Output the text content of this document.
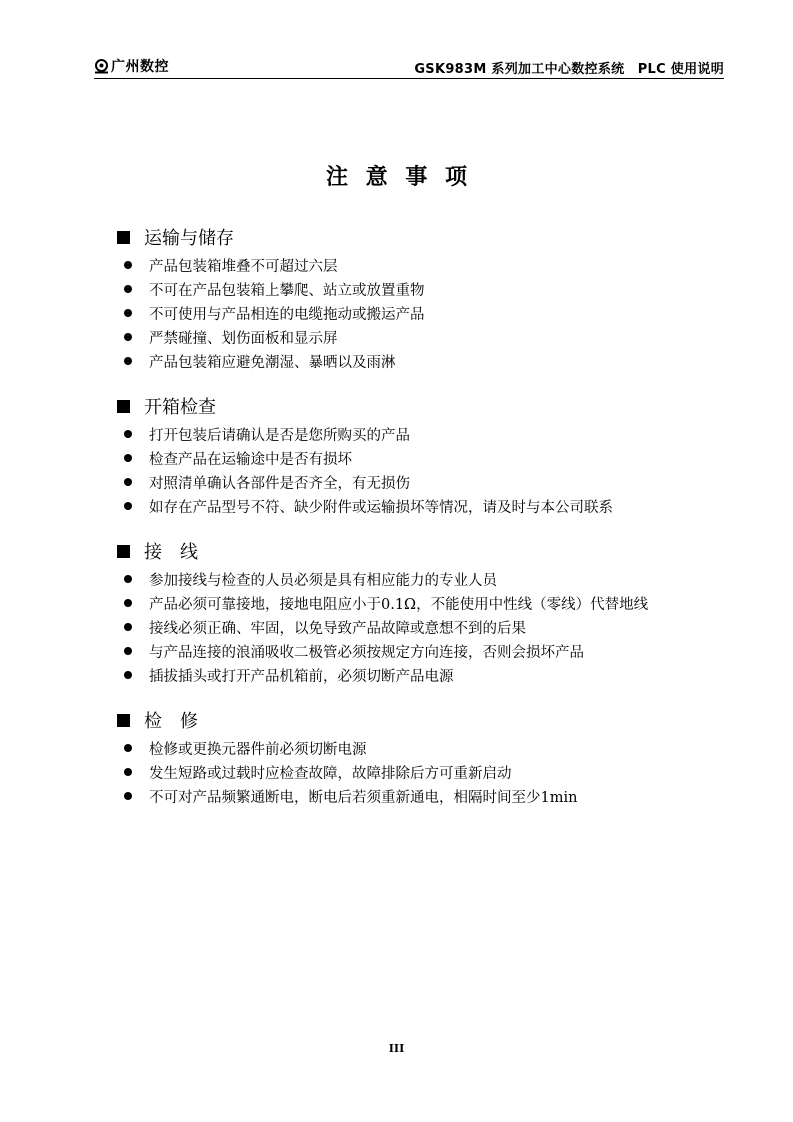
广州数控	GSK983M 系列加工中心数控系统　PLC 使用说明
注 意 事 项
运输与储存
产品包装箱堆叠不可超过六层
不可在产品包装箱上攀爬、站立或放置重物
不可使用与产品相连的电缆拖动或搬运产品
严禁碰撞、划伤面板和显示屏
产品包装箱应避免潮湿、暴晒以及雨淋
开箱检查
打开包装后请确认是否是您所购买的产品
检查产品在运输途中是否有损坏
对照清单确认各部件是否齐全，有无损伤
如存在产品型号不符、缺少附件或运输损坏等情况，请及时与本公司联系
接　线
参加接线与检查的人员必须是具有相应能力的专业人员
产品必须可靠接地，接地电阻应小于0.1Ω，不能使用中性线（零线）代替地线
接线必须正确、牢固，以免导致产品故障或意想不到的后果
与产品连接的浪涌吸收二极管必须按规定方向连接，否则会损坏产品
插拔插头或打开产品机箱前，必须切断产品电源
检　修
检修或更换元器件前必须切断电源
发生短路或过载时应检查故障，故障排除后方可重新启动
不可对产品频繁通断电，断电后若须重新通电，相隔时间至少1min
III
